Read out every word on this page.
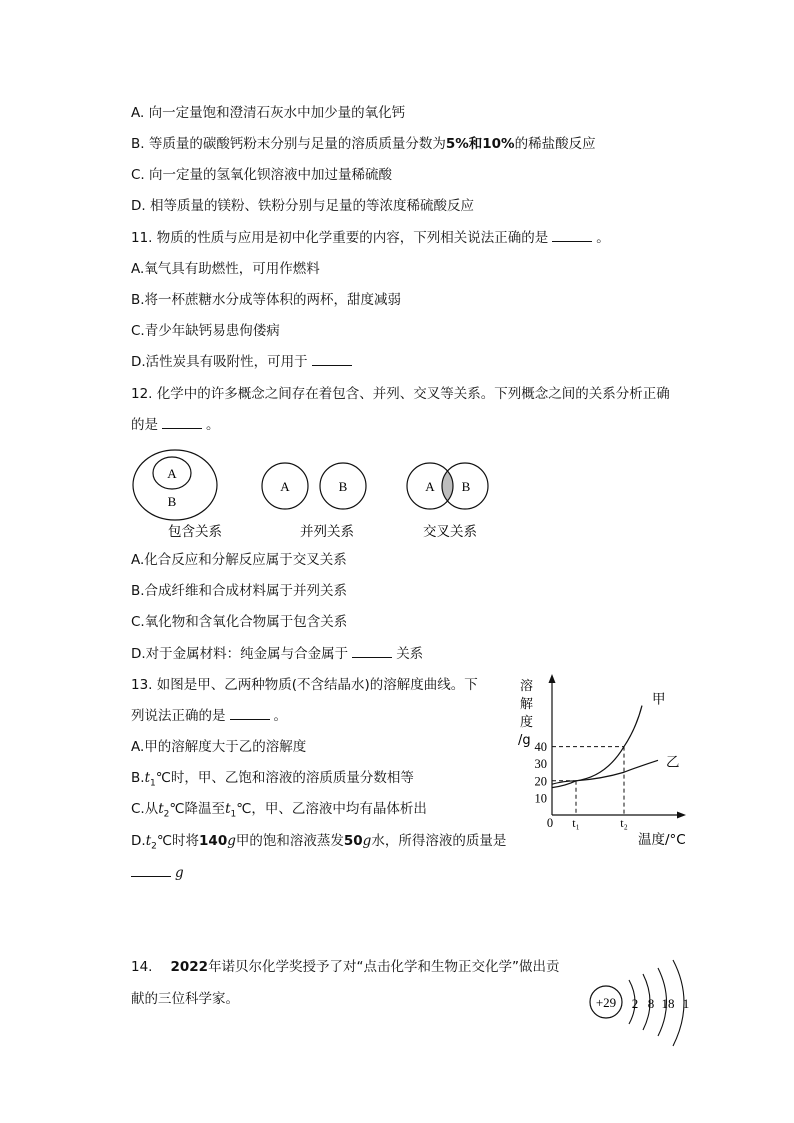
A. 向一定量饱和澄清石灰水中加少量的氧化钙
B. 等质量的碳酸钙粉末分别与足量的溶质质量分数为5%和10%的稀盐酸反应
C. 向一定量的氢氧化钡溶液中加过量稀硫酸
D. 相等质量的镁粉、铁粉分别与足量的等浓度稀硫酸反应
11. 物质的性质与应用是初中化学重要的内容，下列相关说法正确的是	。
A.氧气具有助燃性，可用作燃料
B.将一杯蔗糖水分成等体积的两杯，甜度减弱
C.青少年缺钙易患佝偻病
D.活性炭具有吸附性，可用于
12. 化学中的许多概念之间存在着包含、并列、交叉等关系。下列概念之间的关系分析正确
的是	。
A
B
包含关系
A	B
并列关系
A B
交叉关系
A.化合反应和分解反应属于交叉关系
B.合成纤维和合成材料属于并列关系
C.氧化物和含氧化合物属于包含关系
D.对于金属材料：纯金属与合金属于	关系
13. 如图是甲、乙两种物质(不含结晶水)的溶解度曲线。下
列说法正确的是	。
A.甲的溶解度大于乙的溶解度
$B.t_1℃$时，甲、乙饱和溶液的溶质质量分数相等
C.从$t_2℃$降温至$t_1℃$，甲、乙溶液中均有晶体析出
$D.t_2℃$时将140g甲的饱和溶液蒸发50g水，所得溶液的质量是
g
溶
解
度
/g
温度/°C
0
10
20
30
40
t₁	t₂
甲
乙
14. 2022年诺贝尔化学奖授予了对“点击化学和生物正交化学”做出贡
献的三位科学家。	+29 2 8 18 1
